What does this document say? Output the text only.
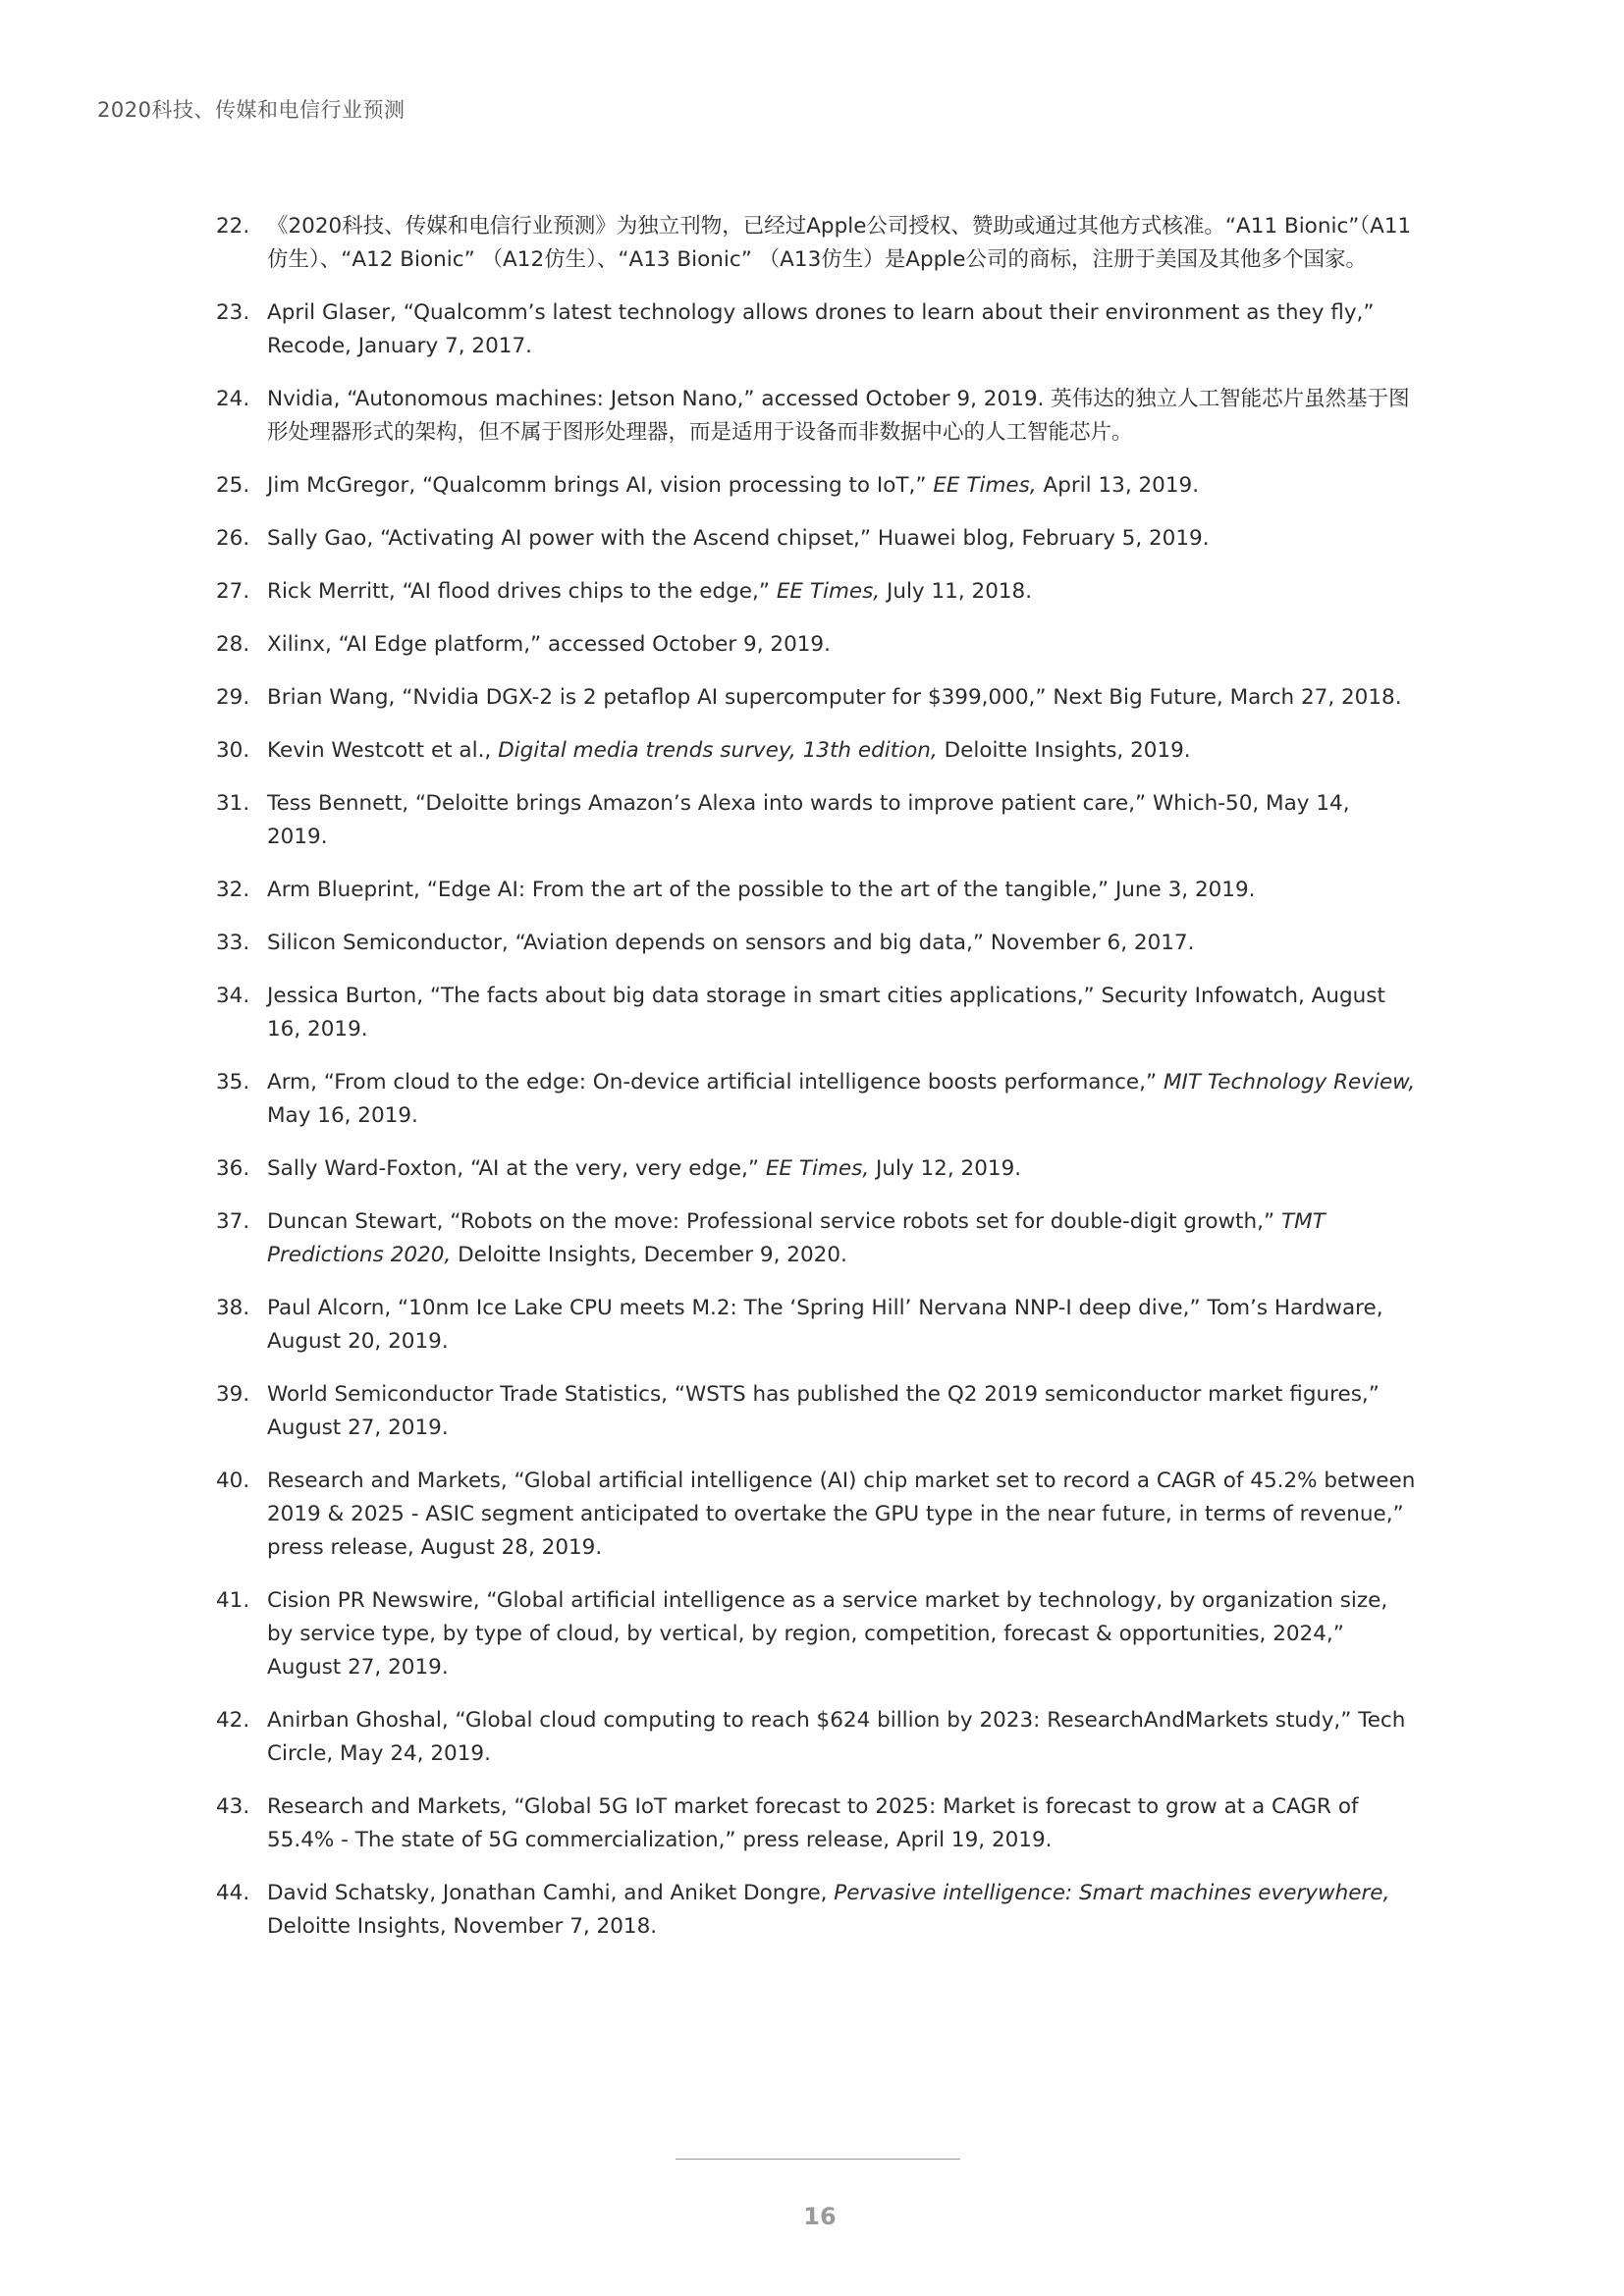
2020科技、传媒和电信行业预测
22. 《2020科技、传媒和电信行业预测》为独立刊物，已经过Apple公司授权、赞助或通过其他方式核准。“A11 Bionic”（A11仿生）、“A12 Bionic” （A12仿生）、“A13 Bionic” （A13仿生）是Apple公司的商标，注册于美国及其他多个国家。
23. April Glaser, “Qualcomm’s latest technology allows drones to learn about their environment as they fly,” Recode, January 7, 2017.
24. Nvidia, “Autonomous machines: Jetson Nano,” accessed October 9, 2019. 英伟达的独立人工智能芯片虽然基于图形处理器形式的架构，但不属于图形处理器，而是适用于设备而非数据中心的人工智能芯片。
25. Jim McGregor, “Qualcomm brings AI, vision processing to IoT,” EE Times, April 13, 2019.
26. Sally Gao, “Activating AI power with the Ascend chipset,” Huawei blog, February 5, 2019.
27. Rick Merritt, “AI flood drives chips to the edge,” EE Times, July 11, 2018.
28. Xilinx, “AI Edge platform,” accessed October 9, 2019.
29. Brian Wang, “Nvidia DGX-2 is 2 petaflop AI supercomputer for $399,000,” Next Big Future, March 27, 2018.
30. Kevin Westcott et al., Digital media trends survey, 13th edition, Deloitte Insights, 2019.
31. Tess Bennett, “Deloitte brings Amazon’s Alexa into wards to improve patient care,” Which-50, May 14, 2019.
32. Arm Blueprint, “Edge AI: From the art of the possible to the art of the tangible,” June 3, 2019.
33. Silicon Semiconductor, “Aviation depends on sensors and big data,” November 6, 2017.
34. Jessica Burton, “The facts about big data storage in smart cities applications,” Security Infowatch, August 16, 2019.
35. Arm, “From cloud to the edge: On-device artificial intelligence boosts performance,” MIT Technology Review, May 16, 2019.
36. Sally Ward-Foxton, “AI at the very, very edge,” EE Times, July 12, 2019.
37. Duncan Stewart, “Robots on the move: Professional service robots set for double-digit growth,” TMT Predictions 2020, Deloitte Insights, December 9, 2020.
38. Paul Alcorn, “10nm Ice Lake CPU meets M.2: The ‘Spring Hill’ Nervana NNP-I deep dive,” Tom’s Hardware, August 20, 2019.
39. World Semiconductor Trade Statistics, “WSTS has published the Q2 2019 semiconductor market figures,” August 27, 2019.
40. Research and Markets, “Global artificial intelligence (AI) chip market set to record a CAGR of 45.2% between 2019 & 2025 - ASIC segment anticipated to overtake the GPU type in the near future, in terms of revenue,” press release, August 28, 2019.
41. Cision PR Newswire, “Global artificial intelligence as a service market by technology, by organization size, by service type, by type of cloud, by vertical, by region, competition, forecast & opportunities, 2024,” August 27, 2019.
42. Anirban Ghoshal, “Global cloud computing to reach $624 billion by 2023: ResearchAndMarkets study,” Tech Circle, May 24, 2019.
43. Research and Markets, “Global 5G IoT market forecast to 2025: Market is forecast to grow at a CAGR of 55.4% - The state of 5G commercialization,” press release, April 19, 2019.
44. David Schatsky, Jonathan Camhi, and Aniket Dongre, Pervasive intelligence: Smart machines everywhere, Deloitte Insights, November 7, 2018.
16
